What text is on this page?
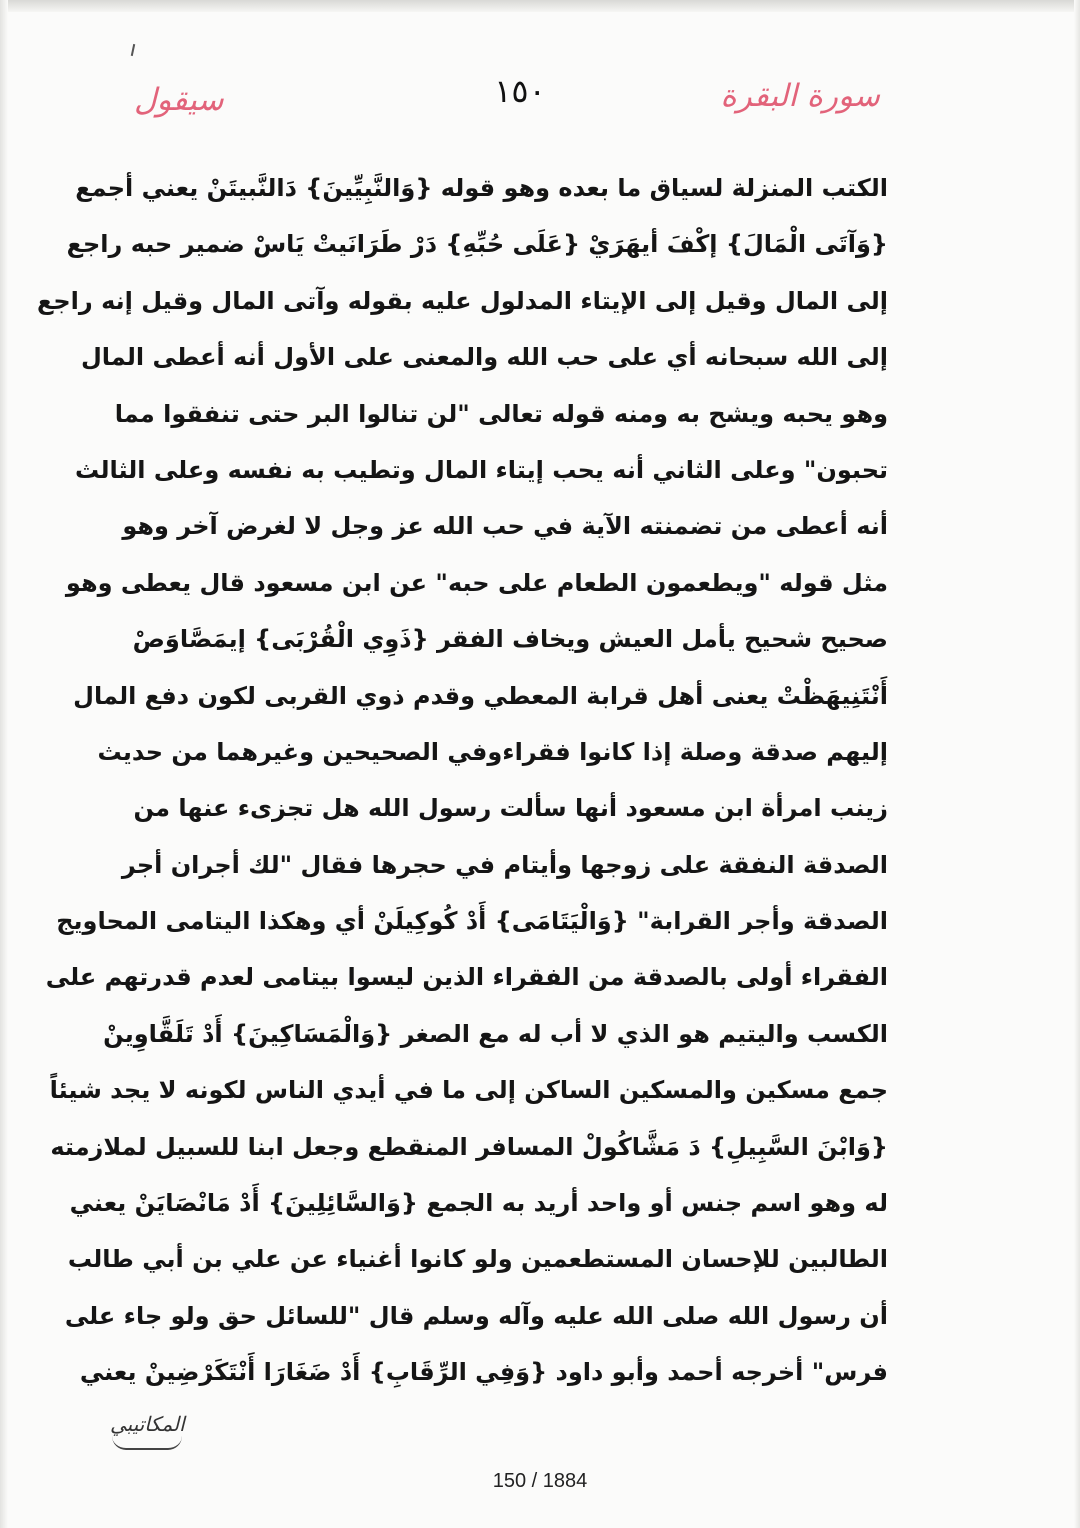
سيقول	١٥٠	سورة البقرة
الكتب المنزلة لسياق ما بعده وهو قوله {وَالنَّبِيِّينَ} دَالنَّبيتَنْ يعني أجمع
{وَآتَى الْمَالَ} إكْفَ أيهَرَيْ {عَلَى حُبِّهِ} دَرْ طَرَانَيتْ يَاسْ ضمير حبه راجع
إلى المال وقيل إلى الإيتاء المدلول عليه بقوله وآتى المال وقيل إنه راجع
إلى الله سبحانه أي على حب الله والمعنى على الأول أنه أعطى المال
وهو يحبه ويشح به ومنه قوله تعالى "لن تنالوا البر حتى تنفقوا مما
تحبون" وعلى الثاني أنه يحب إيتاء المال وتطيب به نفسه وعلى الثالث
أنه أعطى من تضمنته الآية في حب الله عز وجل لا لغرض آخر وهو
مثل قوله "ويطعمون الطعام على حبه" عن ابن مسعود قال يعطى وهو
صحيح شحيح يأمل العيش ويخاف الفقر {ذَوِي الْقُرْبَى} إيمَصَّاوَصْ
أَنْتَنِيهَظْتْ يعنى أهل قرابة المعطي وقدم ذوي القربى لكون دفع المال
إليهم صدقة وصلة إذا كانوا فقراءوفي الصحيحين وغيرهما من حديث
زينب امرأة ابن مسعود أنها سألت رسول الله هل تجزىء عنها من
الصدقة النفقة على زوجها وأيتام في حجرها فقال "لك أجران أجر
الصدقة وأجر القرابة" {وَالْيَتَامَى} أَدْ كُوكِيلَنْ أي وهكذا اليتامى المحاويج
الفقراء أولى بالصدقة من الفقراء الذين ليسوا بيتامى لعدم قدرتهم على
الكسب واليتيم هو الذي لا أب له مع الصغر {وَالْمَسَاكِينَ} أَدْ تَلَقَّاوِينْ
جمع مسكين والمسكين الساكن إلى ما في أيدي الناس لكونه لا يجد شيئاً
{وَابْنَ السَّبِيلِ} دَ مَشَّاكُولْ المسافر المنقطع وجعل ابنا للسبيل لملازمته
له وهو اسم جنس أو واحد أريد به الجمع {وَالسَّائِلِينَ} أَدْ مَانْصَايَنْ يعني
الطالبين للإحسان المستطعمين ولو كانوا أغنياء عن علي بن أبي طالب
أن رسول الله صلى الله عليه وآله وسلم قال "للسائل حق ولو جاء على
فرس" أخرجه أحمد وأبو داود {وَفِي الرِّقَابِ} أَدْ ضَغَارَا أَنْتَكَرْضِينْ يعني
المكاتيبي
150 / 1884
